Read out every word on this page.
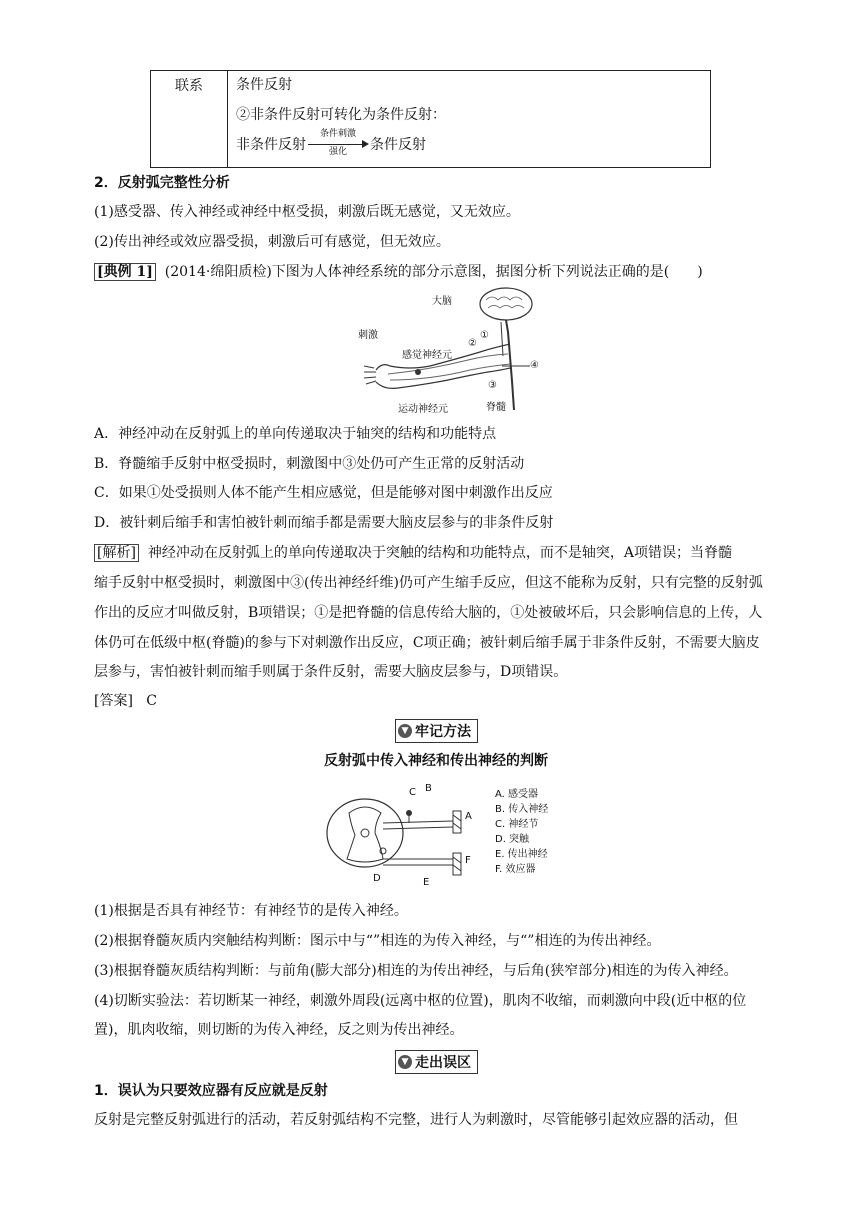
联系	条件反射
②非条件反射可转化为条件反射：
非条件反射
条件刺激
强化	条件反射
2．反射弧完整性分析
(1)感受器、传入神经或神经中枢受损，刺激后既无感觉，又无效应。
(2)传出神经或效应器受损，刺激后可有感觉，但无效应。
[典例 1] (2014·绵阳质检)下图为人体神经系统的部分示意图，据图分析下列说法正确的是(　　)
大脑
刺激
感觉神经元
运动神经元	脊髓
①
②
③
④
A．神经冲动在反射弧上的单向传递取决于轴突的结构和功能特点
B．脊髓缩手反射中枢受损时，刺激图中③处仍可产生正常的反射活动
C．如果①处受损则人体不能产生相应感觉，但是能够对图中刺激作出反应
D．被针刺后缩手和害怕被针刺而缩手都是需要大脑皮层参与的非条件反射
[解析] 神经冲动在反射弧上的单向传递取决于突触的结构和功能特点，而不是轴突，A项错误；当脊髓
缩手反射中枢受损时，刺激图中③(传出神经纤维)仍可产生缩手反应，但这不能称为反射，只有完整的反射弧
作出的反应才叫做反射，B项错误；①是把脊髓的信息传给大脑的，①处被破坏后，只会影响信息的上传，人
体仍可在低级中枢(脊髓)的参与下对刺激作出反应，C项正确；被针刺后缩手属于非条件反射，不需要大脑皮
层参与，害怕被针刺而缩手则属于条件反射，需要大脑皮层参与，D项错误。
[答案] C
▼ 牢记方法
反射弧中传入神经和传出神经的判断
C B
A
F
D	E
A. 感受器
B. 传入神经
C. 神经节
D. 突触
E. 传出神经
F. 效应器
(1)根据是否具有神经节：有神经节的是传入神经。
(2)根据脊髓灰质内突触结构判断：图示中与“”相连的为传入神经，与“”相连的为传出神经。
(3)根据脊髓灰质结构判断：与前角(膨大部分)相连的为传出神经，与后角(狭窄部分)相连的为传入神经。
(4)切断实验法：若切断某一神经，刺激外周段(远离中枢的位置)，肌肉不收缩，而刺激向中段(近中枢的位
置)，肌肉收缩，则切断的为传入神经，反之则为传出神经。
▼ 走出误区
1．误认为只要效应器有反应就是反射
反射是完整反射弧进行的活动，若反射弧结构不完整，进行人为刺激时，尽管能够引起效应器的活动，但
